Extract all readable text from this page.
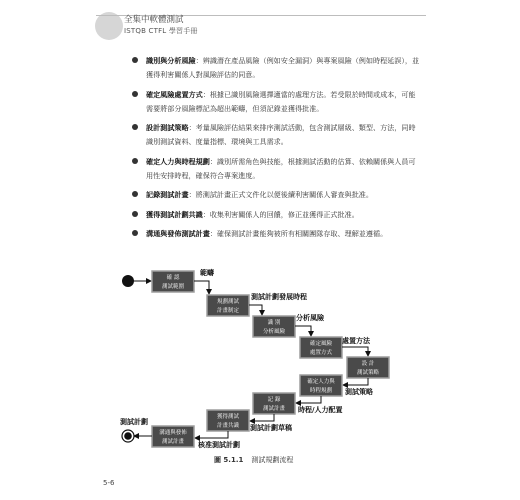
全集中軟體測試
ISTQB CTFL 學習手冊
識別與分析風險：辨識潛在產品風險（例如安全漏洞）與專案風險（例如時程延誤），並獲得利害關係人對風險評估的同意。
確定風險處置方式：根據已識別風險選擇適當的處理方法。若受限於時間或成本，可能需要將部分風險標記為超出範疇，但須記錄並獲得批准。
設計測試策略：考量風險評估結果來排序測試活動，包含測試層級、類型、方法，同時識別測試資料、度量指標、環境與工具需求。
確定人力與時程規劃：識別所需角色與技能，根據測試活動的估算、依賴關係與人員可用性安排時程，確保符合專案進度。
記錄測試計畫：將測試計畫正式文件化以便後續利害關係人審查與批准。
獲得測試計劃共識：收集利害關係人的回饋，修正並獲得正式批准。
溝通與發佈測試計畫：確保測試計畫能夠被所有相關團隊存取、理解並遵循。
確 認
測試範圍
範疇
規劃測試
計畫制定
測試計劃發展時程
識 別
分析風險
分析風險
確定風險
處置方式
處置方法
設 計
測試策略
測試策略
確定人力與
時程規劃
時程/人力配置
記 錄
測試計畫
測試計劃草稿
獲得測試
計畫共識
核准測試計劃
溝通與發佈
測試計畫
測試計劃
圖 5.1.1 測試規劃流程
5-6
